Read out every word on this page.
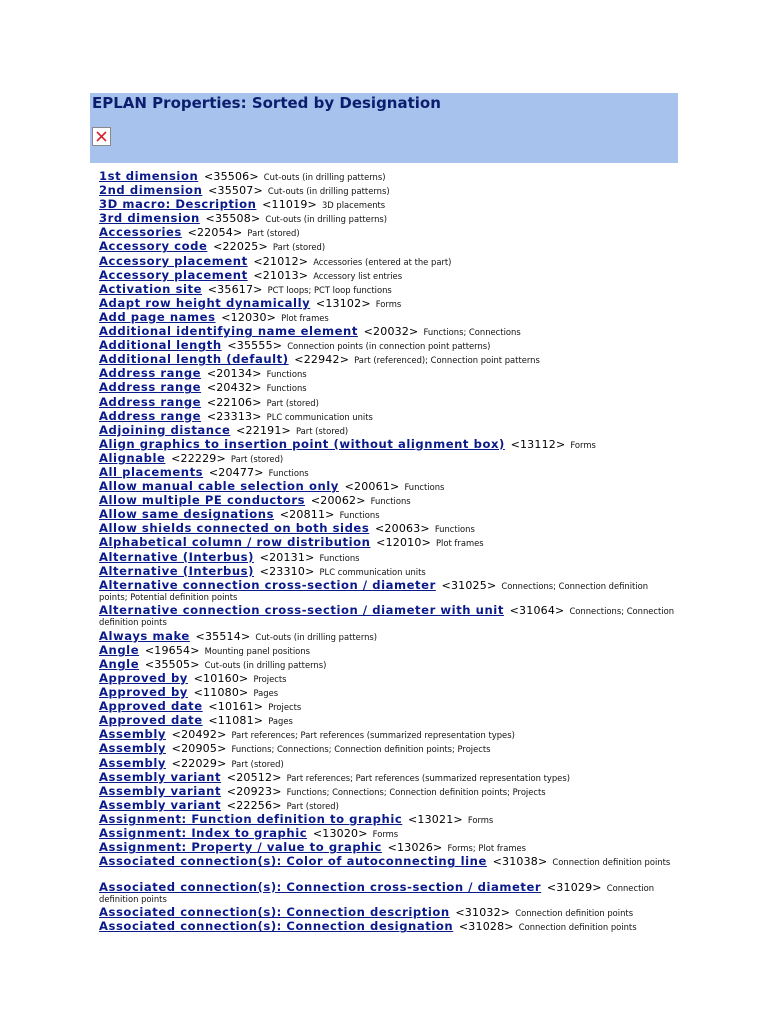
EPLAN Properties: Sorted by Designation
1st dimension <35506> Cut-outs (in drilling patterns)
2nd dimension <35507> Cut-outs (in drilling patterns)
3D macro: Description <11019> 3D placements
3rd dimension <35508> Cut-outs (in drilling patterns)
Accessories <22054> Part (stored)
Accessory code <22025> Part (stored)
Accessory placement <21012> Accessories (entered at the part)
Accessory placement <21013> Accessory list entries
Activation site <35617> PCT loops; PCT loop functions
Adapt row height dynamically <13102> Forms
Add page names <12030> Plot frames
Additional identifying name element <20032> Functions; Connections
Additional length <35555> Connection points (in connection point patterns)
Additional length (default) <22942> Part (referenced); Connection point patterns
Address range <20134> Functions
Address range <20432> Functions
Address range <22106> Part (stored)
Address range <23313> PLC communication units
Adjoining distance <22191> Part (stored)
Align graphics to insertion point (without alignment box) <13112> Forms
Alignable <22229> Part (stored)
All placements <20477> Functions
Allow manual cable selection only <20061> Functions
Allow multiple PE conductors <20062> Functions
Allow same designations <20811> Functions
Allow shields connected on both sides <20063> Functions
Alphabetical column / row distribution <12010> Plot frames
Alternative (Interbus) <20131> Functions
Alternative (Interbus) <23310> PLC communication units
Alternative connection cross-section / diameter <31025> Connections; Connection definition points; Potential definition points
Alternative connection cross-section / diameter with unit <31064> Connections; Connection definition points
Always make <35514> Cut-outs (in drilling patterns)
Angle <19654> Mounting panel positions
Angle <35505> Cut-outs (in drilling patterns)
Approved by <10160> Projects
Approved by <11080> Pages
Approved date <10161> Projects
Approved date <11081> Pages
Assembly <20492> Part references; Part references (summarized representation types)
Assembly <20905> Functions; Connections; Connection definition points; Projects
Assembly <22029> Part (stored)
Assembly variant <20512> Part references; Part references (summarized representation types)
Assembly variant <20923> Functions; Connections; Connection definition points; Projects
Assembly variant <22256> Part (stored)
Assignment: Function definition to graphic <13021> Forms
Assignment: Index to graphic <13020> Forms
Assignment: Property / value to graphic <13026> Forms; Plot frames
Associated connection(s): Color of autoconnecting line <31038> Connection definition points
Associated connection(s): Connection cross-section / diameter <31029> Connection definition points
Associated connection(s): Connection description <31032> Connection definition points
Associated connection(s): Connection designation <31028> Connection definition points
